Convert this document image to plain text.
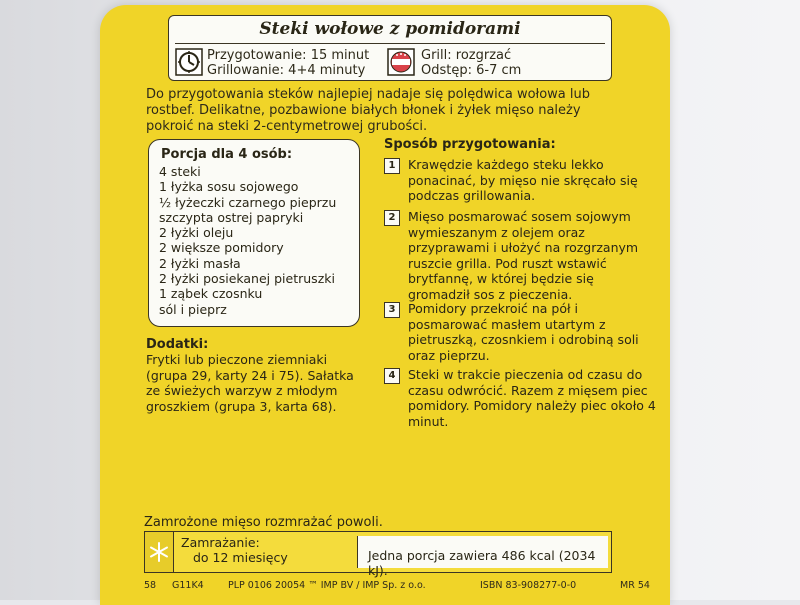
Steki wołowe z pomidorami
Przygotowanie: 15 minut
Grillowanie: 4+4 minuty
Grill: rozgrzać
Odstęp: 6-7 cm
Do przygotowania steków najlepiej nadaje się polędwica wołowa lub rostbef. Delikatne, pozbawione białych błonek i żyłek mięso należy pokroić na steki 2-centymetrowej grubości.
Porcja dla 4 osób:
4 steki
1 łyżka sosu sojowego
½ łyżeczki czarnego pieprzu
szczypta ostrej papryki
2 łyżki oleju
2 większe pomidory
2 łyżki masła
2 łyżki posiekanej pietruszki
1 ząbek czosnku
sól i pieprz
Dodatki:
Frytki lub pieczone ziemniaki (grupa 29, karty 24 i 75). Sałatka ze świeżych warzyw z młodym groszkiem (grupa 3, karta 68).
Sposób przygotowania:
1	Krawędzie każdego steku lekko ponacinać, by mięso nie skręcało się podczas grillowania.
2	Mięso posmarować sosem sojowym wymieszanym z olejem oraz przyprawami i ułożyć na rozgrzanym ruszcie grilla. Pod ruszt wstawić brytfannę, w której będzie się gromadził sos z pieczenia.
3	Pomidory przekroić na pół i posmarować masłem utartym z pietruszką, czosnkiem i odrobiną soli oraz pieprzu.
4	Steki w trakcie pieczenia od czasu do czasu odwrócić. Razem z mięsem piec pomidory. Pomidory należy piec około 4 minut.
Zamrożone mięso rozmrażać powoli.
Zamrażanie:
do 12 miesięcy	Jedna porcja zawiera 486 kcal (2034 kJ).
58 G11K4	PLP 0106 20054 ™ IMP BV / IMP Sp. z o.o.	ISBN 83-908277-0-0	MR 54
